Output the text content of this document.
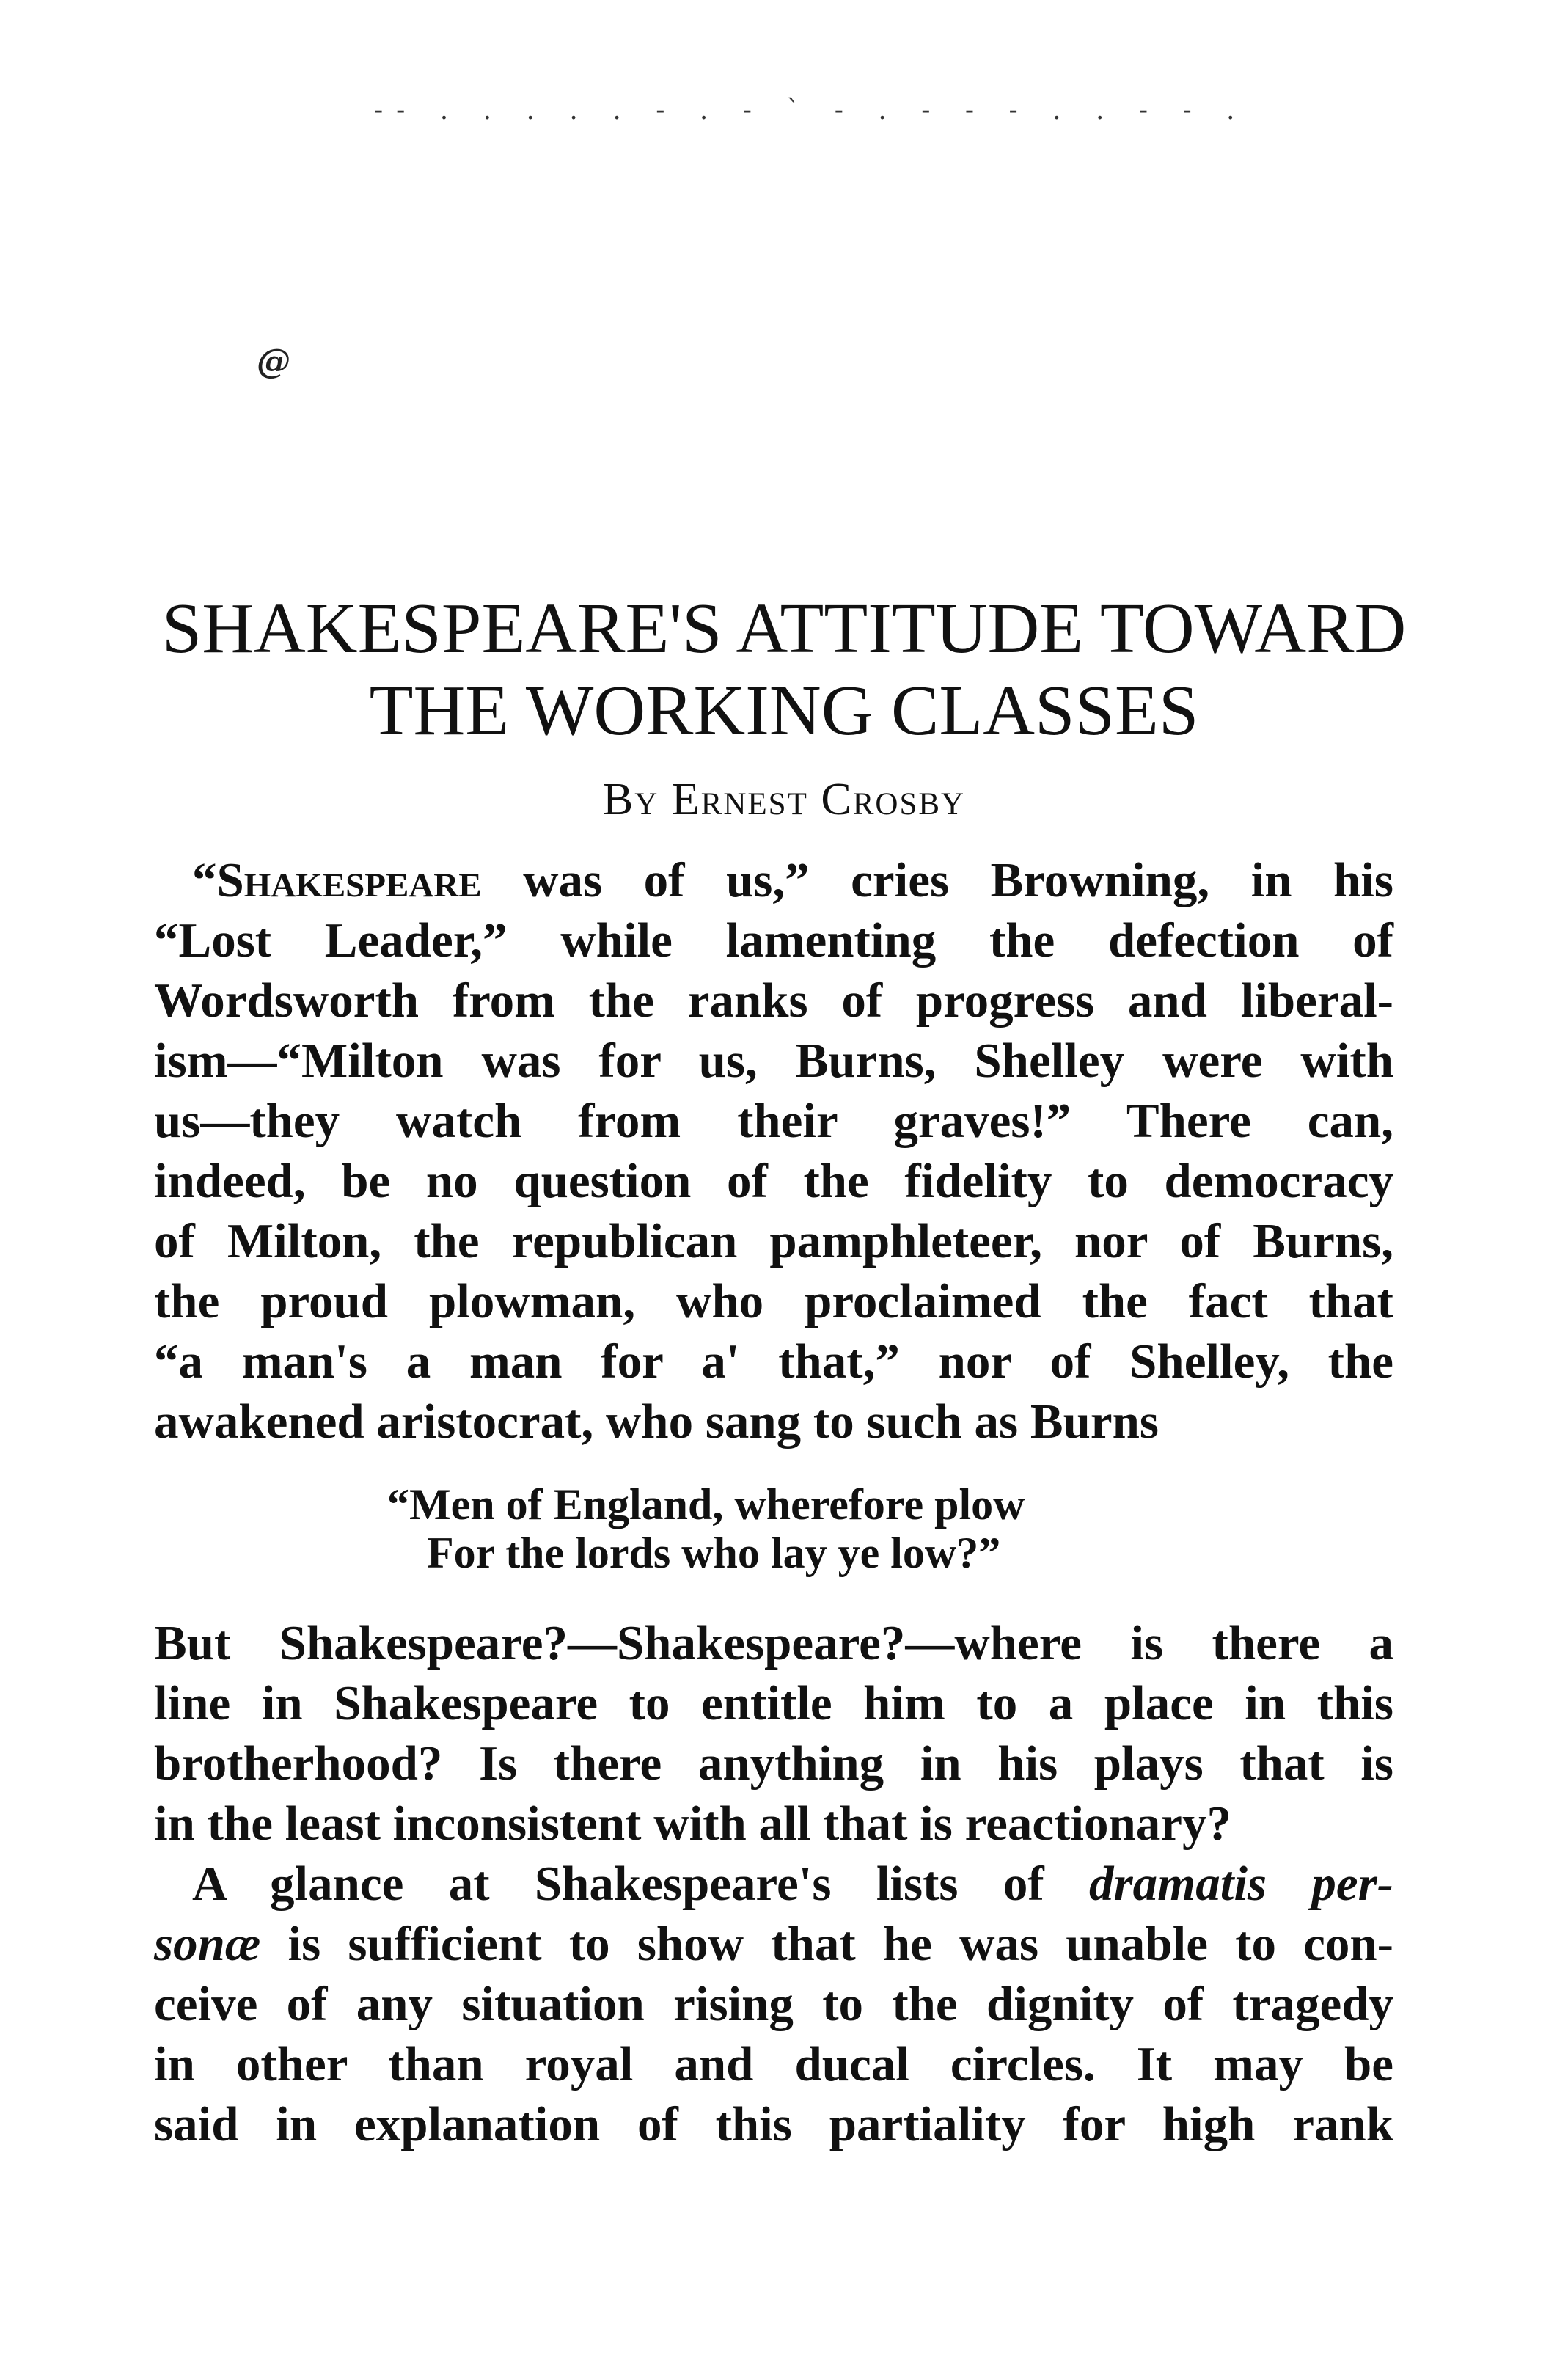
-- . . . . . - . - ` - . - - - . . - - .
@
SHAKESPEARE'S ATTITUDE TOWARD
THE WORKING CLASSES
By Ernest Crosby
“Shakespeare was of us,” cries Browning, in his
“Lost Leader,” while lamenting the defection of
Wordsworth from the ranks of progress and liberal-
ism—“Milton was for us, Burns, Shelley were with
us—they watch from their graves!” There can,
indeed, be no question of the fidelity to democracy
of Milton, the republican pamphleteer, nor of Burns,
the proud plowman, who proclaimed the fact that
“a man's a man for a' that,” nor of Shelley, the
awakened aristocrat, who sang to such as Burns
“Men of England, wherefore plow
For the lords who lay ye low?”
But Shakespeare?—Shakespeare?—where is there a
line in Shakespeare to entitle him to a place in this
brotherhood? Is there anything in his plays that is
in the least inconsistent with all that is reactionary?
A glance at Shakespeare's lists of dramatis per-
sonæ is sufficient to show that he was unable to con-
ceive of any situation rising to the dignity of tragedy
in other than royal and ducal circles. It may be
said in explanation of this partiality for high rank
